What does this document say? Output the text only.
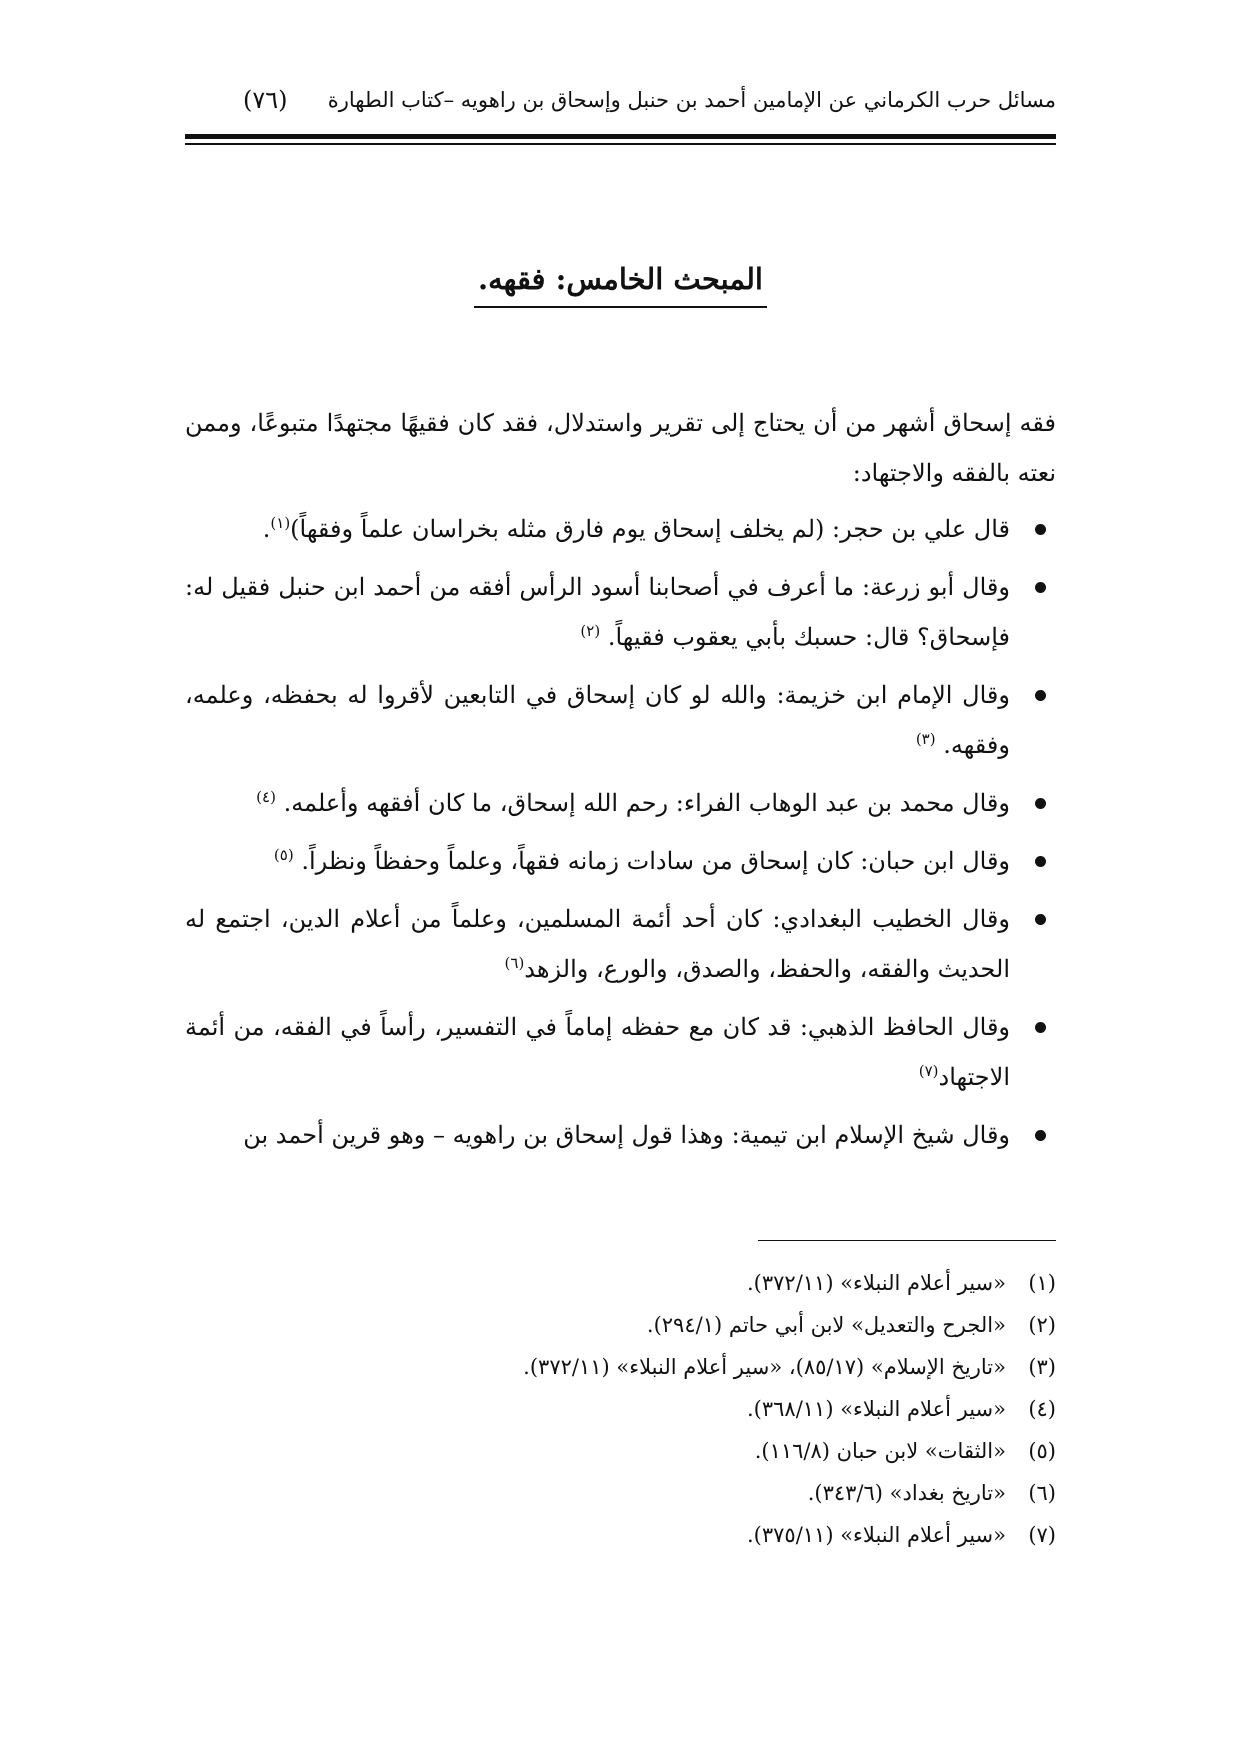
مسائل حرب الكرماني عن الإمامين أحمد بن حنبل وإسحاق بن راهويه –كتاب الطهارة
(٧٦)
المبحث الخامس: فقهه.

فقه إسحاق أشهر من أن يحتاج إلى تقرير واستدلال، فقد كان فقيهًا مجتهدًا متبوعًا، وممن نعته بالفقه والاجتهاد:

قال علي بن حجر: (لم يخلف إسحاق يوم فارق مثله بخراسان علماً وفقهاً)$^{(١)}$.
وقال أبو زرعة: ما أعرف في أصحابنا أسود الرأس أفقه من أحمد ابن حنبل فقيل له: فإسحاق؟ قال: حسبك بأبي يعقوب فقيهاً. $^{(٢)}$
وقال الإمام ابن خزيمة: والله لو كان إسحاق في التابعين لأقروا له بحفظه، وعلمه، وفقهه. $^{(٣)}$
وقال محمد بن عبد الوهاب الفراء: رحم الله إسحاق، ما كان أفقهه وأعلمه. $^{(٤)}$
وقال ابن حبان: كان إسحاق من سادات زمانه فقهاً، وعلماً وحفظاً ونظراً. $^{(٥)}$
وقال الخطيب البغدادي: كان أحد أئمة المسلمين، وعلماً من أعلام الدين، اجتمع له الحديث والفقه، والحفظ، والصدق، والورع، والزهد$^{(٦)}$
وقال الحافظ الذهبي: قد كان مع حفظه إماماً في التفسير، رأساً في الفقه، من أئمة الاجتهاد$^{(٧)}$
وقال شيخ الإسلام ابن تيمية: وهذا قول إسحاق بن راهويه – وهو قرين أحمد بن
(١)
«سير أعلام النبلاء» (٣٧٢/١١).
(٢)
«الجرح والتعديل» لابن أبي حاتم (٢٩٤/١).
(٣)
«تاريخ الإسلام» (٨٥/١٧)، «سير أعلام النبلاء» (٣٧٢/١١).
(٤)
«سير أعلام النبلاء» (٣٦٨/١١).
(٥)
«الثقات» لابن حبان (١١٦/٨).
(٦)
«تاريخ بغداد» (٣٤٣/٦).
(٧)
«سير أعلام النبلاء» (٣٧٥/١١).
